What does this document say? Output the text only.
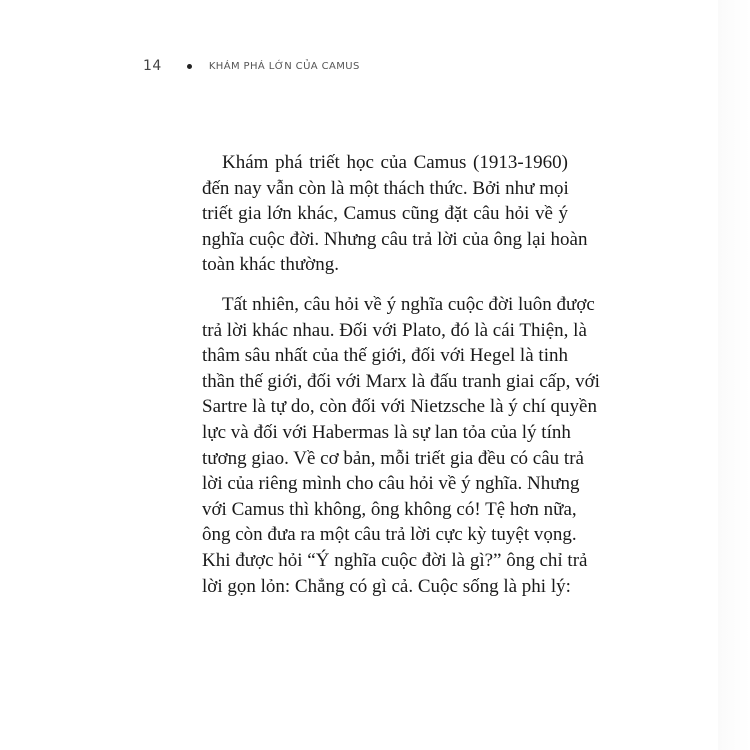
14	KHÁM PHÁ LỚN CỦA CAMUS
Khám phá triết học của Camus (1913-1960)
đến nay vẫn còn là một thách thức. Bởi như mọi
triết gia lớn khác, Camus cũng đặt câu hỏi về ý
nghĩa cuộc đời. Nhưng câu trả lời của ông lại hoàn
toàn khác thường.
Tất nhiên, câu hỏi về ý nghĩa cuộc đời luôn được
trả lời khác nhau. Đối với Plato, đó là cái Thiện, là
thâm sâu nhất của thế giới, đối với Hegel là tinh
thần thế giới, đối với Marx là đấu tranh giai cấp, với
Sartre là tự do, còn đối với Nietzsche là ý chí quyền
lực và đối với Habermas là sự lan tỏa của lý tính
tương giao. Về cơ bản, mỗi triết gia đều có câu trả
lời của riêng mình cho câu hỏi về ý nghĩa. Nhưng
với Camus thì không, ông không có! Tệ hơn nữa,
ông còn đưa ra một câu trả lời cực kỳ tuyệt vọng.
Khi được hỏi “Ý nghĩa cuộc đời là gì?” ông chỉ trả
lời gọn lỏn: Chẳng có gì cả. Cuộc sống là phi lý:
